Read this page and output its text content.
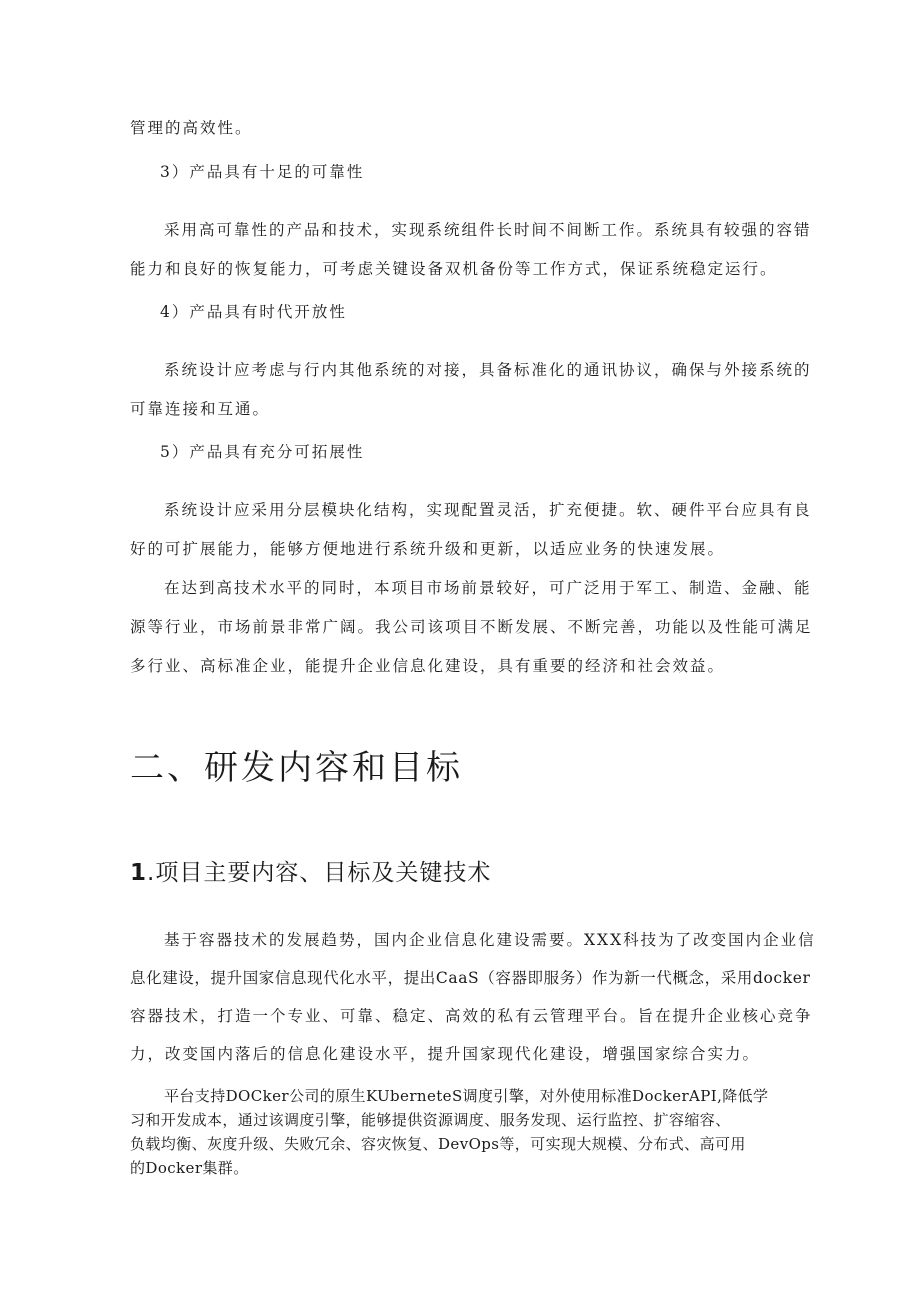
管理的高效性。
3）产品具有十足的可靠性
采用高可靠性的产品和技术，实现系统组件长时间不间断工作。系统具有较强的容错
能力和良好的恢复能力，可考虑关键设备双机备份等工作方式，保证系统稳定运行。
4）产品具有时代开放性
系统设计应考虑与行内其他系统的对接，具备标准化的通讯协议，确保与外接系统的
可靠连接和互通。
5）产品具有充分可拓展性
系统设计应采用分层模块化结构，实现配置灵活，扩充便捷。软、硬件平台应具有良
好的可扩展能力，能够方便地进行系统升级和更新，以适应业务的快速发展。
在达到高技术水平的同时，本项目市场前景较好，可广泛用于军工、制造、金融、能
源等行业，市场前景非常广阔。我公司该项目不断发展、不断完善，功能以及性能可满足
多行业、高标准企业，能提升企业信息化建设，具有重要的经济和社会效益。
二、研发内容和目标
1.项目主要内容、目标及关键技术
基于容器技术的发展趋势，国内企业信息化建设需要。XXX科技为了改变国内企业信
息化建设，提升国家信息现代化水平，提出CaaS（容器即服务）作为新一代概念，采用docker
容器技术，打造一个专业、可靠、稳定、高效的私有云管理平台。旨在提升企业核心竞争
力，改变国内落后的信息化建设水平，提升国家现代化建设，增强国家综合实力。
平台支持DOCker公司的原生KUberneteS调度引擎，对外使用标准DockerAPI,降低学
习和开发成本，通过该调度引擎，能够提供资源调度、服务发现、运行监控、扩容缩容、
负载均衡、灰度升级、失败冗余、容灾恢复、DevOps等，可实现大规模、分布式、高可用
的Docker集群。
